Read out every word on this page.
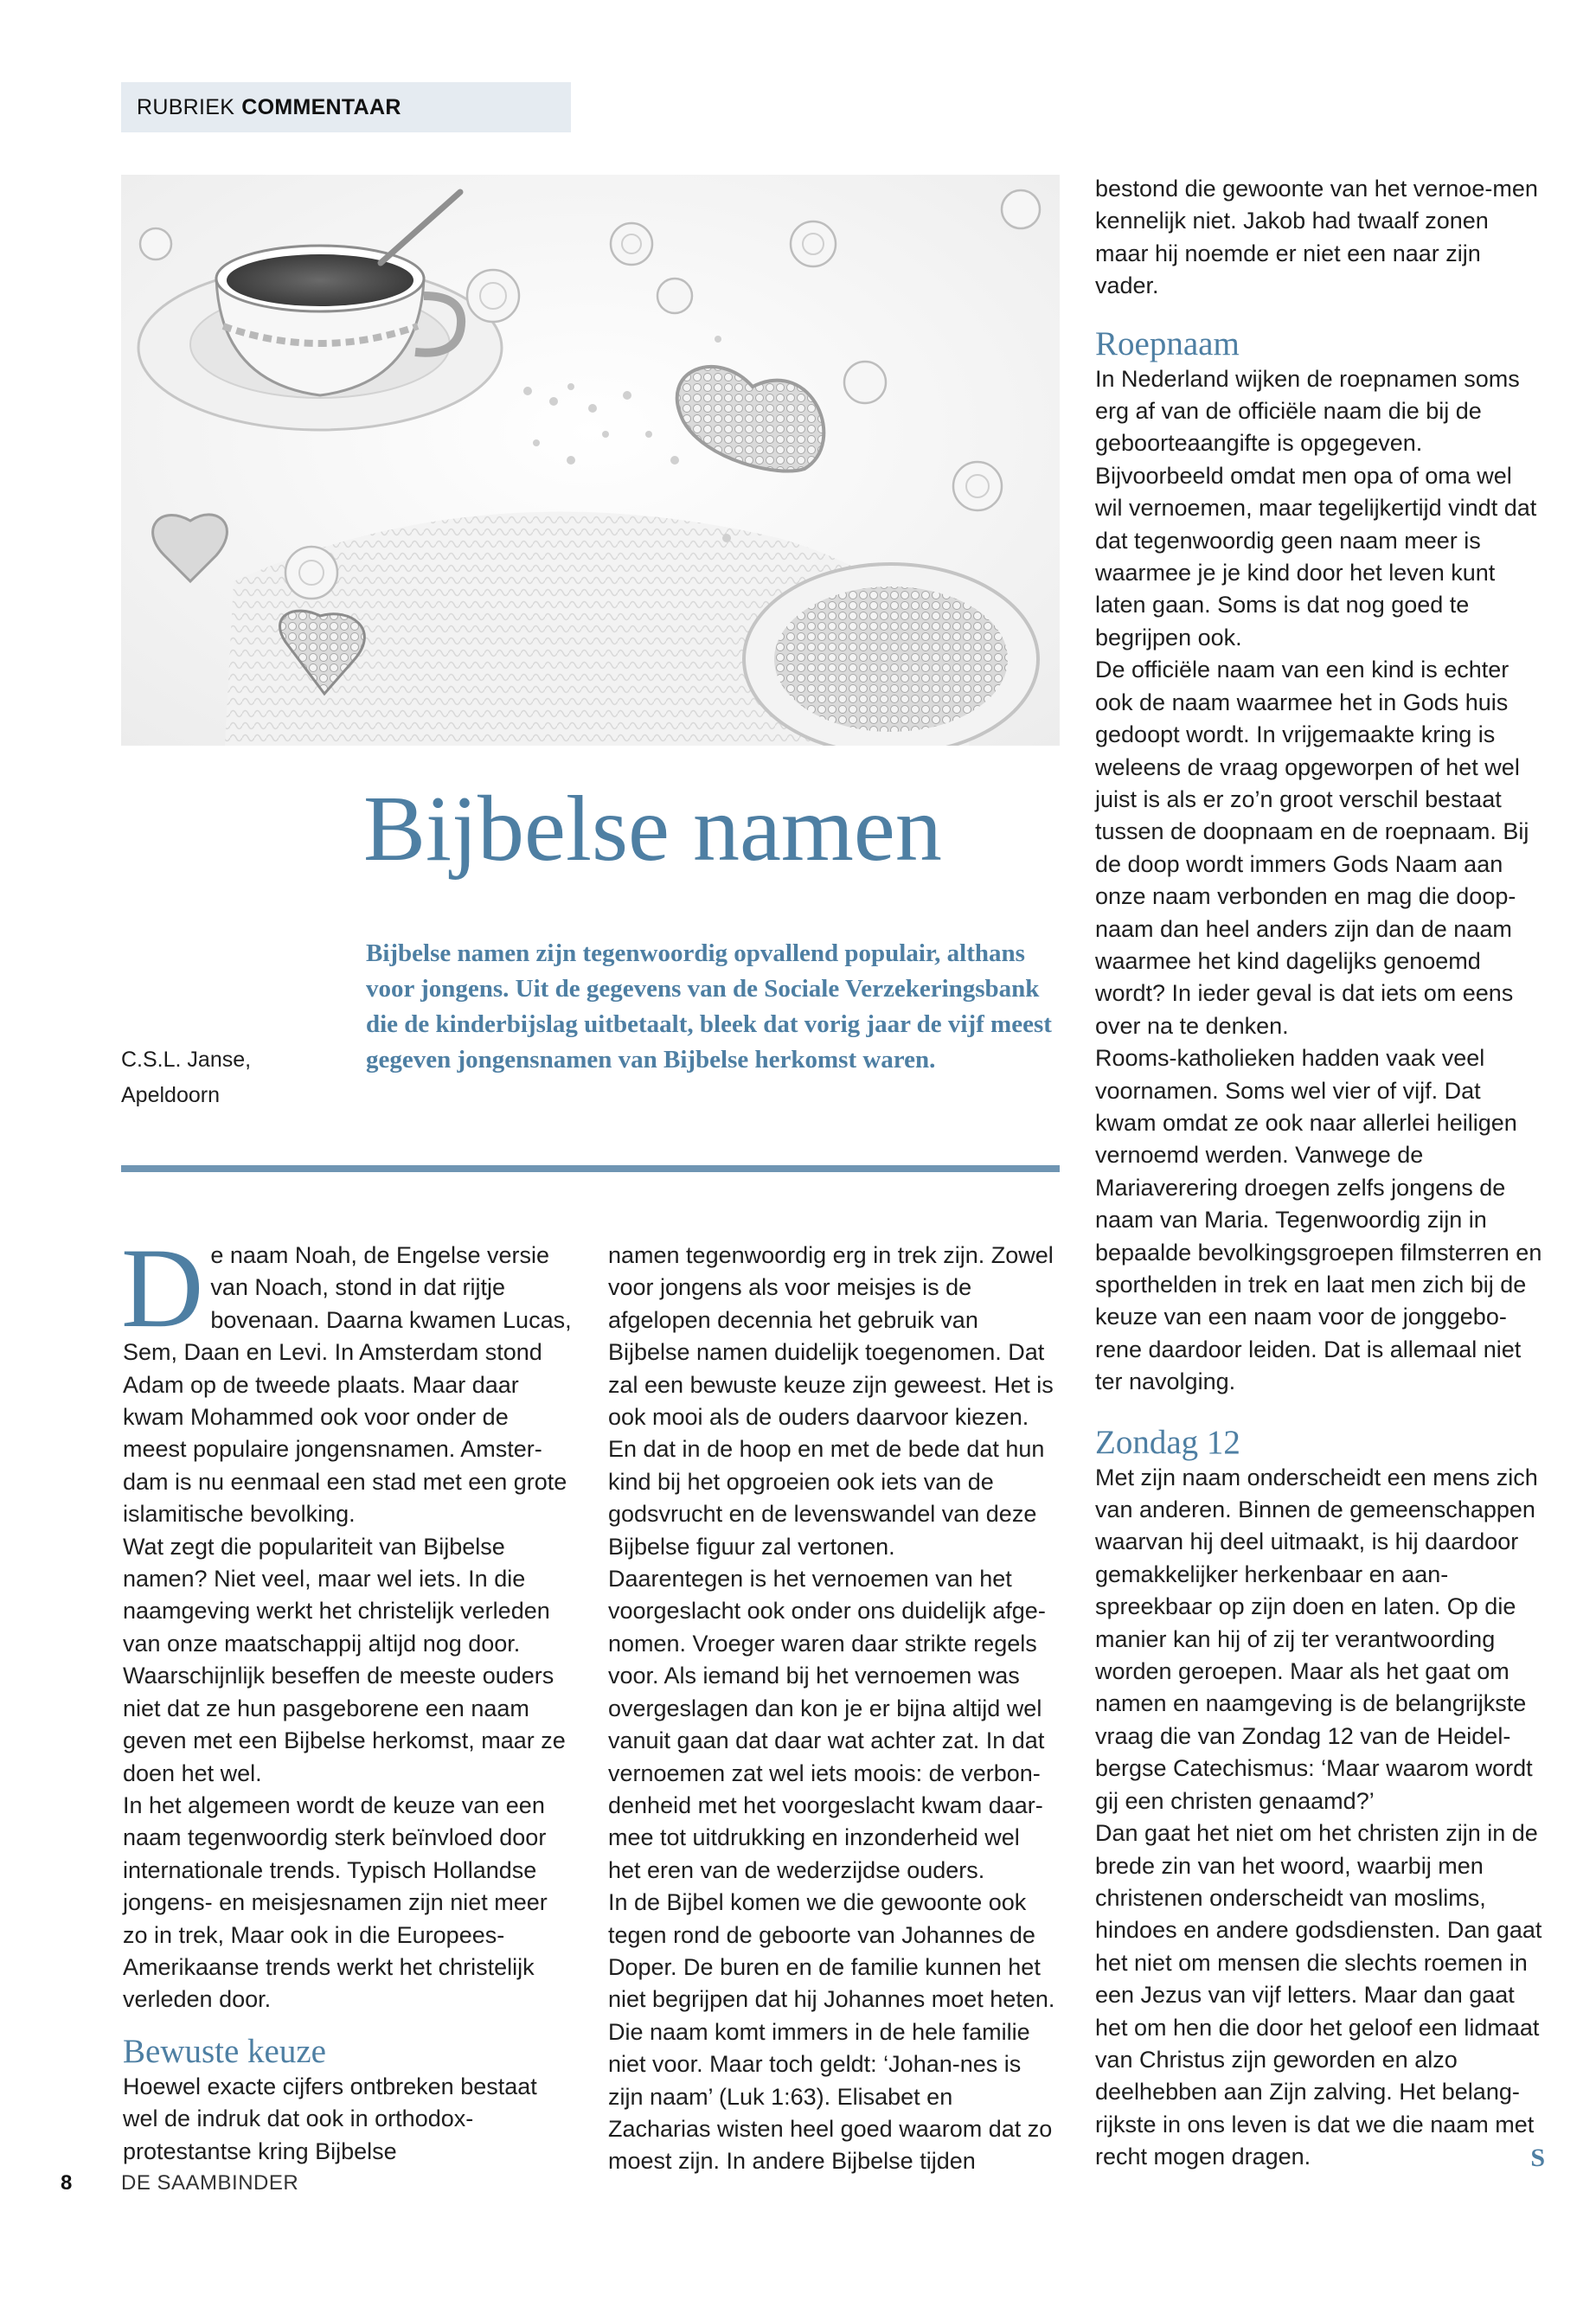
RUBRIEK COMMENTAAR
Bijbelse namen
Bijbelse namen zijn tegenwoordig opvallend populair, althans voor jongens. Uit de gegevens van de Sociale Verzekeringsbank die de kinderbijslag uitbetaalt, bleek dat vorig jaar de vijf meest gegeven jongensnamen van Bijbelse herkomst waren.
C.S.L. Janse,
Apeldoorn

De naam Noah, de Engelse versie van Noach, stond in dat rijtje bovenaan. Daarna kwamen Lucas, Sem, Daan en Levi. In Amsterdam stond Adam op de tweede plaats. Maar daar kwam Mohammed ook voor onder de meest populaire jongensnamen. Amster-dam is nu eenmaal een stad met een grote islamitische bevolking.

Wat zegt die populariteit van Bijbelse namen? Niet veel, maar wel iets. In die naamgeving werkt het christelijk verleden van onze maatschappij altijd nog door. Waarschijnlijk beseffen de meeste ouders niet dat ze hun pasgeborene een naam geven met een Bijbelse herkomst, maar ze doen het wel.

In het algemeen wordt de keuze van een naam tegenwoordig sterk beïnvloed door internationale trends. Typisch Hollandse jongens- en meisjesnamen zijn niet meer zo in trek, Maar ook in die Europees-Amerikaanse trends werkt het christelijk verleden door.

Bewuste keuze

Hoewel exacte cijfers ontbreken bestaat wel de indruk dat ook in orthodox-protestantse kring Bijbelse

namen tegenwoordig erg in trek zijn. Zowel voor jongens als voor meisjes is de afgelopen decennia het gebruik van Bijbelse namen duidelijk toegenomen. Dat zal een bewuste keuze zijn geweest. Het is ook mooi als de ouders daarvoor kiezen. En dat in de hoop en met de bede dat hun kind bij het opgroeien ook iets van de godsvrucht en de levenswandel van deze Bijbelse figuur zal vertonen.

Daarentegen is het vernoemen van het voorgeslacht ook onder ons duidelijk afge-nomen. Vroeger waren daar strikte regels voor. Als iemand bij het vernoemen was overgeslagen dan kon je er bijna altijd wel vanuit gaan dat daar wat achter zat. In dat vernoemen zat wel iets moois: de verbon-denheid met het voorgeslacht kwam daar-mee tot uitdrukking en inzonderheid wel het eren van de wederzijdse ouders.

In de Bijbel komen we die gewoonte ook tegen rond de geboorte van Johannes de Doper. De buren en de familie kunnen het niet begrijpen dat hij Johannes moet heten. Die naam komt immers in de hele familie niet voor. Maar toch geldt: ‘Johan-nes is zijn naam’ (Luk 1:63). Elisabet en Zacharias wisten heel goed waarom dat zo moest zijn. In andere Bijbelse tijden

bestond die gewoonte van het vernoe-men kennelijk niet. Jakob had twaalf zonen maar hij noemde er niet een naar zijn vader.

Roepnaam

In Nederland wijken de roepnamen soms erg af van de officiële naam die bij de geboorteaangifte is opgegeven. Bijvoorbeeld omdat men opa of oma wel wil vernoemen, maar tegelijkertijd vindt dat dat tegenwoordig geen naam meer is waarmee je je kind door het leven kunt laten gaan. Soms is dat nog goed te begrijpen ook.

De officiële naam van een kind is echter ook de naam waarmee het in Gods huis gedoopt wordt. In vrijgemaakte kring is weleens de vraag opgeworpen of het wel juist is als er zo’n groot verschil bestaat tussen de doopnaam en de roepnaam. Bij de doop wordt immers Gods Naam aan onze naam verbonden en mag die doop-naam dan heel anders zijn dan de naam waarmee het kind dagelijks genoemd wordt? In ieder geval is dat iets om eens over na te denken.

Rooms-katholieken hadden vaak veel voornamen. Soms wel vier of vijf. Dat kwam omdat ze ook naar allerlei heiligen vernoemd werden. Vanwege de Mariaverering droegen zelfs jongens de naam van Maria. Tegenwoordig zijn in bepaalde bevolkingsgroepen filmsterren en sporthelden in trek en laat men zich bij de keuze van een naam voor de jonggebo-rene daardoor leiden. Dat is allemaal niet ter navolging.

Zondag 12

Met zijn naam onderscheidt een mens zich van anderen. Binnen de gemeenschappen waarvan hij deel uitmaakt, is hij daardoor gemakkelijker herkenbaar en aan-spreekbaar op zijn doen en laten. Op die manier kan hij of zij ter verantwoording worden geroepen. Maar als het gaat om namen en naamgeving is de belangrijkste vraag die van Zondag 12 van de Heidel-bergse Catechismus: ‘Maar waarom wordt gij een christen genaamd?’

Dan gaat het niet om het christen zijn in de brede zin van het woord, waarbij men christenen onderscheidt van moslims, hindoes en andere godsdiensten. Dan gaat het niet om mensen die slechts roemen in een Jezus van vijf letters. Maar dan gaat het om hen die door het geloof een lidmaat van Christus zijn geworden en alzo deelhebben aan Zijn zalving. Het belang-rijkste in ons leven is dat we die naam met recht mogen dragen.	S

8 DE SAAMBINDER
